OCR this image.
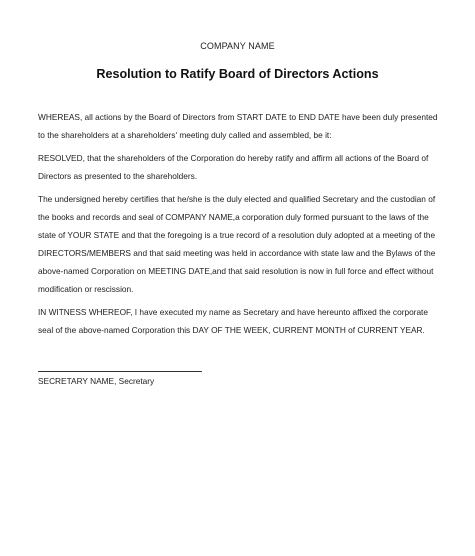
COMPANY NAME
Resolution to Ratify Board of Directors Actions

WHEREAS, all actions by the Board of Directors from START DATE to END DATE have been duly presented to the shareholders at a shareholders' meeting duly called and assembled, be it:

RESOLVED, that the shareholders of the Corporation do hereby ratify and affirm all actions of the Board of Directors as presented to the shareholders.

The undersigned hereby certifies that he/she is the duly elected and qualified Secretary and the custodian of the books and records and seal of COMPANY NAME,a corporation duly formed pursuant to the laws of the state of YOUR STATE and that the foregoing is a true record of a resolution duly adopted at a meeting of the DIRECTORS/MEMBERS and that said meeting was held in accordance with state law and the Bylaws of the above-named Corporation on MEETING DATE,and that said resolution is now in full force and effect without modification or rescission.

IN WITNESS WHEREOF, I have executed my name as Secretary and have hereunto affixed the corporate seal of the above-named Corporation this DAY OF THE WEEK, CURRENT MONTH of CURRENT YEAR.

SECRETARY NAME, Secretary
